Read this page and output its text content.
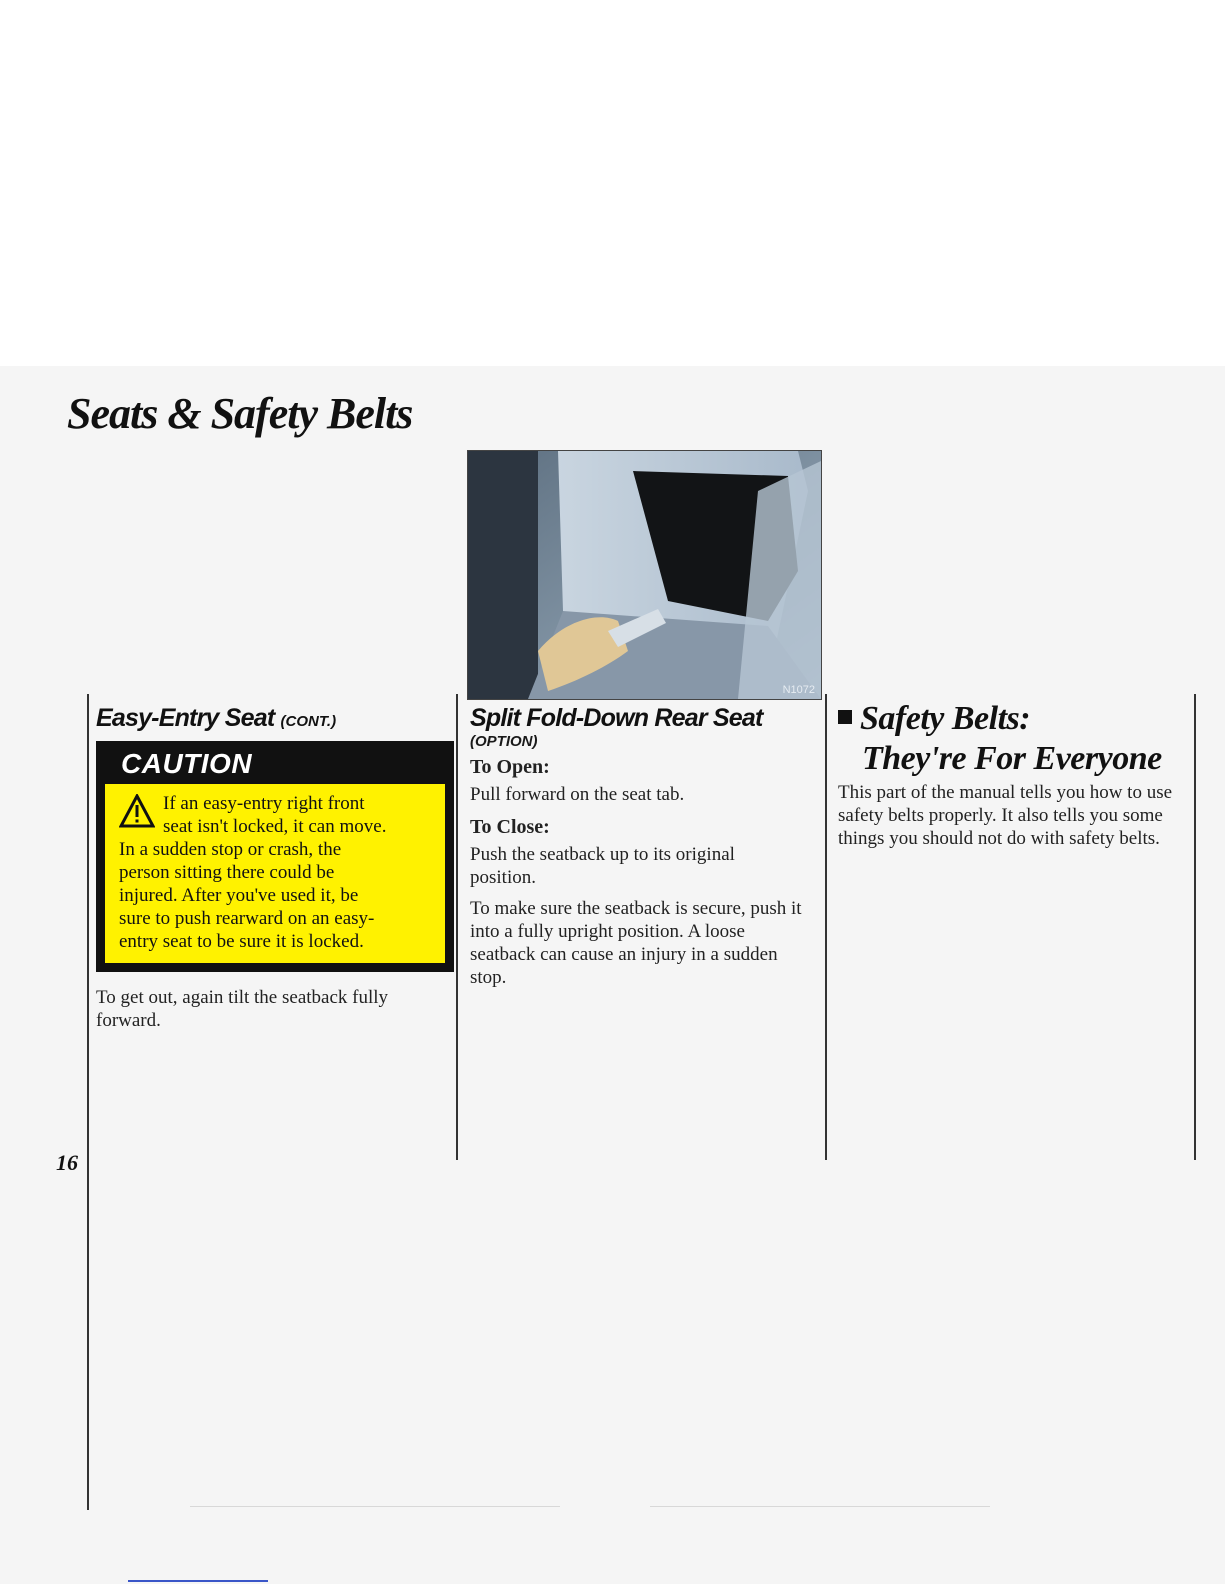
Seats & Safety Belts
N1072
16

Easy-Entry Seat (CONT.)

CAUTION
If an easy-entry right front
seat isn't locked, it can move.
In a sudden stop or crash, the
person sitting there could be
injured. After you've used it, be
sure to push rearward on an easy-
entry seat to be sure it is locked.

To get out, again tilt the seatback fully forward.

Split Fold-Down Rear Seat

(OPTION)

To Open:

Pull forward on the seat tab.

To Close:

Push the seatback up to its original position.

To make sure the seatback is secure, push it into a fully upright position. A loose seatback can cause an injury in a sudden stop.

Safety Belts:

They're For Everyone

This part of the manual tells you how to use safety belts properly. It also tells you some things you should not do with safety belts.
